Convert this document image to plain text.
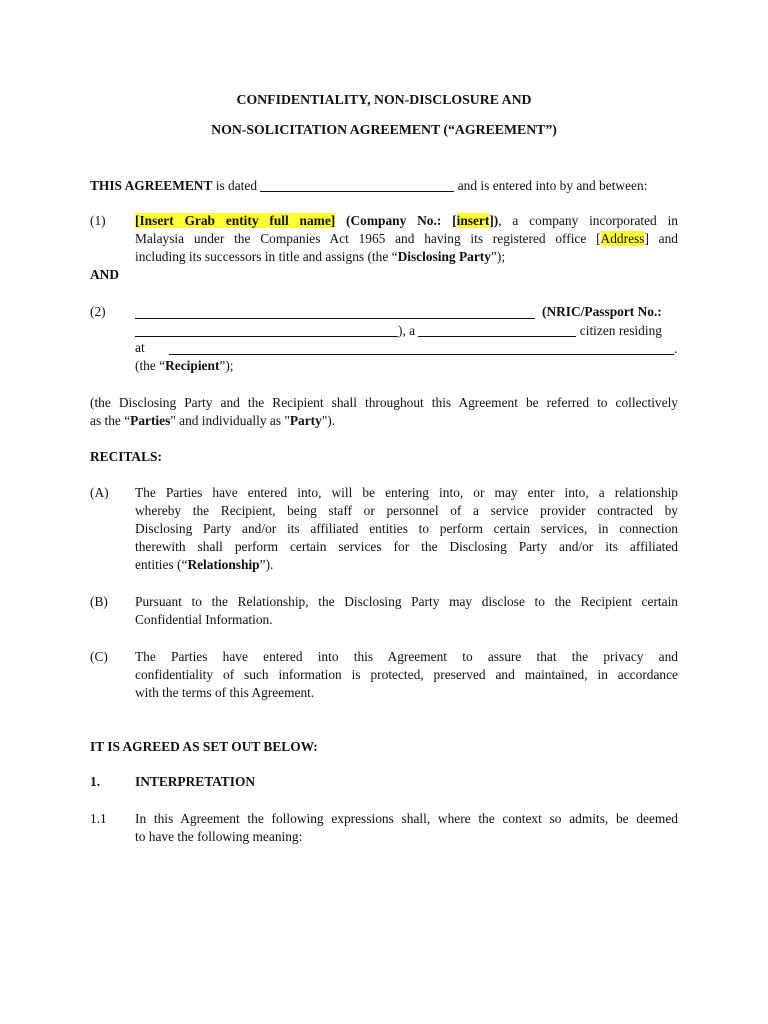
CONFIDENTIALITY, NON-DISCLOSURE AND
NON-SOLICITATION AGREEMENT (“AGREEMENT”)
THIS AGREEMENT is dated	and is entered into by and between:
(1) [Insert Grab entity full name] (Company No.: [insert]), a company incorporated in
Malaysia under the Companies Act 1965 and having its registered office [Address] and
including its successors in title and assigns (the “Disclosing Party”);
AND
(2)	(NRIC/Passport No.:
), a	citizen residing
at	.
(the “Recipient”);
(the Disclosing Party and the Recipient shall throughout this Agreement be referred to collectively
as the “Parties" and individually as "Party").
RECITALS:
(A) The Parties have entered into, will be entering into, or may enter into, a relationship
whereby the Recipient, being staff or personnel of a service provider contracted by
Disclosing Party and/or its affiliated entities to perform certain services, in connection
therewith shall perform certain services for the Disclosing Party and/or its affiliated
entities (“Relationship”).
(B) Pursuant to the Relationship, the Disclosing Party may disclose to the Recipient certain
Confidential Information.
(C) The Parties have entered into this Agreement to assure that the privacy and
confidentiality of such information is protected, preserved and maintained, in accordance
with the terms of this Agreement.
IT IS AGREED AS SET OUT BELOW:
1.	INTERPRETATION
1.1 In this Agreement the following expressions shall, where the context so admits, be deemed
to have the following meaning:
